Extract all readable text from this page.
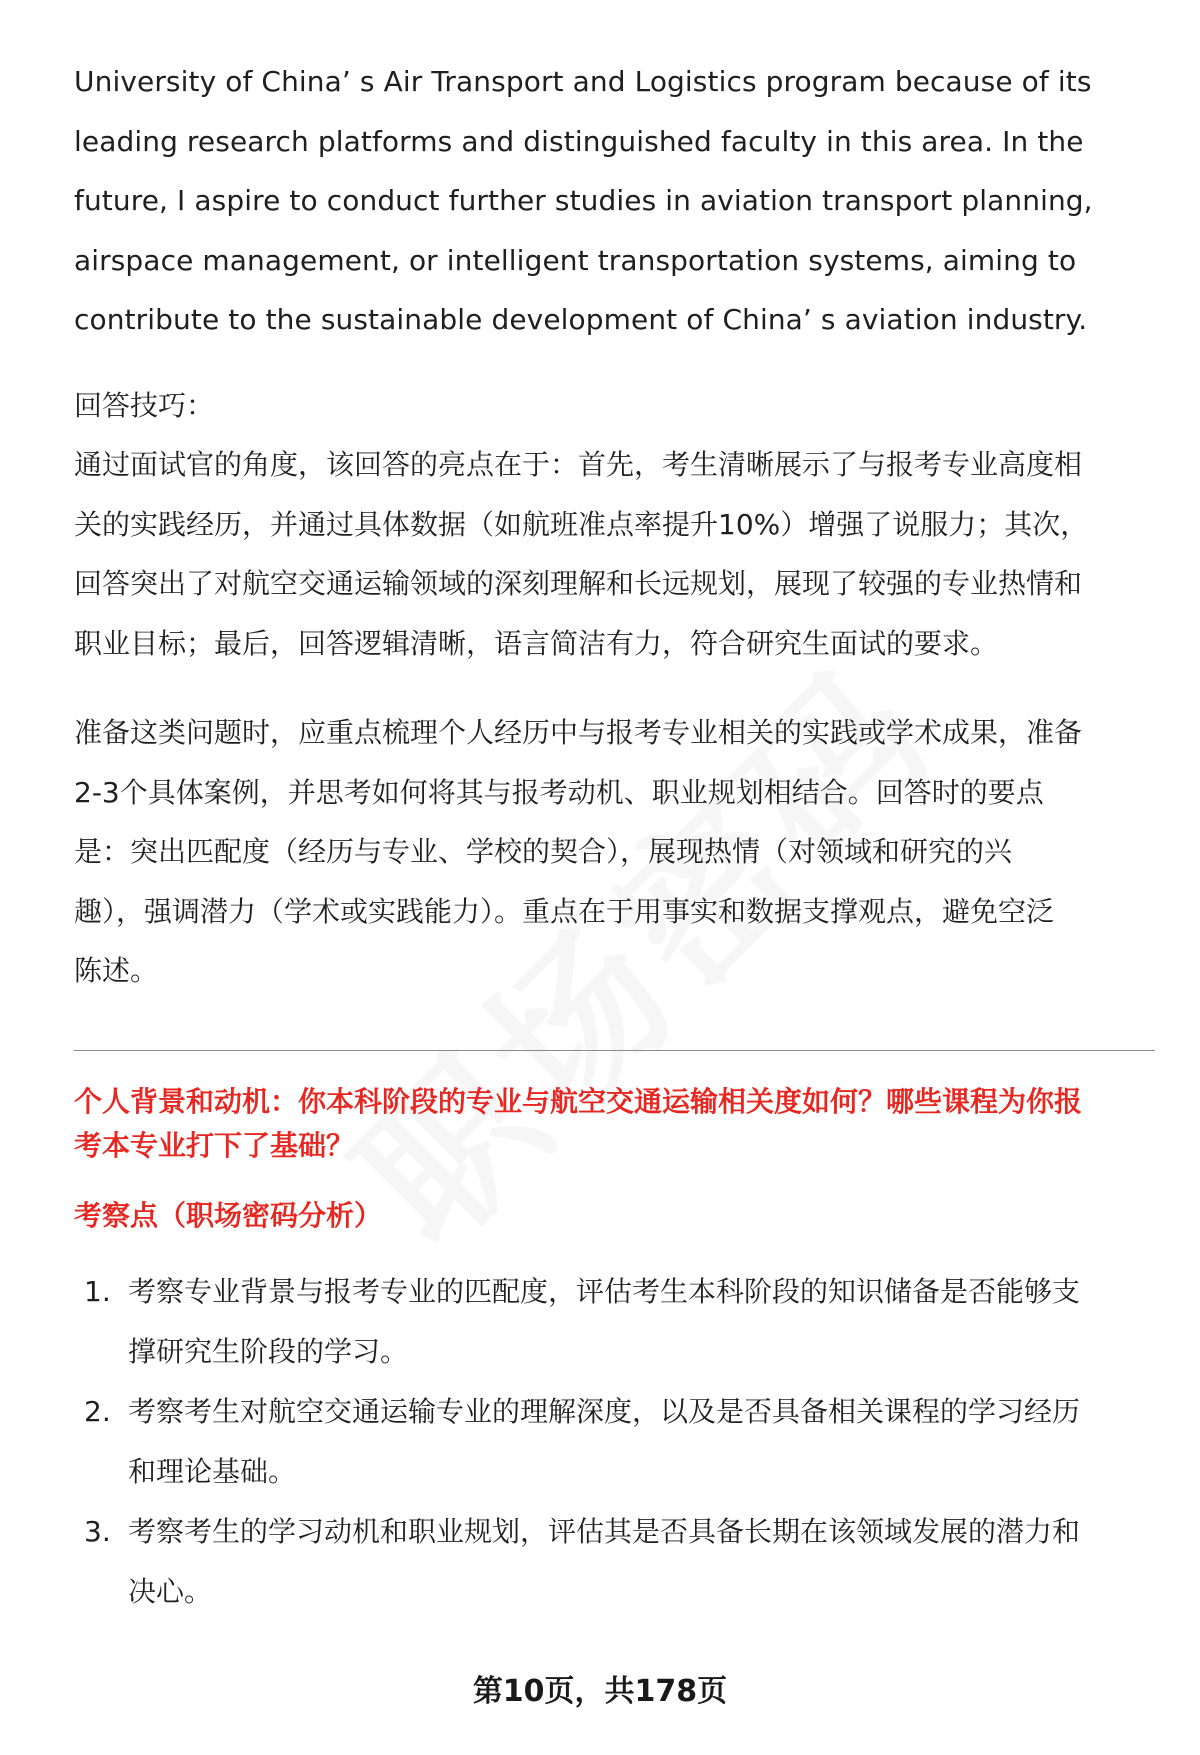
University of China’ s Air Transport and Logistics program because of its

leading research platforms and distinguished faculty in this area. In the

future, I aspire to conduct further studies in aviation transport planning,

airspace management, or intelligent transportation systems, aiming to

contribute to the sustainable development of China’ s aviation industry.

回答技巧：

通过面试官的角度，该回答的亮点在于：首先，考生清晰展示了与报考专业高度相

关的实践经历，并通过具体数据（如航班准点率提升10%）增强了说服力；其次，

回答突出了对航空交通运输领域的深刻理解和长远规划，展现了较强的专业热情和

职业目标；最后，回答逻辑清晰，语言简洁有力，符合研究生面试的要求。

准备这类问题时，应重点梳理个人经历中与报考专业相关的实践或学术成果，准备

2-3个具体案例，并思考如何将其与报考动机、职业规划相结合。回答时的要点

是：突出匹配度（经历与专业、学校的契合），展现热情（对领域和研究的兴

趣），强调潜力（学术或实践能力）。重点在于用事实和数据支撑观点，避免空泛

陈述。

个人背景和动机：你本科阶段的专业与航空交通运输相关度如何？哪些课程为你报

考本专业打下了基础？

考察点（职场密码分析）

1. 考察专业背景与报考专业的匹配度，评估考生本科阶段的知识储备是否能够支
撑研究生阶段的学习。
2. 考察考生对航空交通运输专业的理解深度，以及是否具备相关课程的学习经历
和理论基础。
3. 考察考生的学习动机和职业规划，评估其是否具备长期在该领域发展的潜力和
决心。
第10页，共178页
